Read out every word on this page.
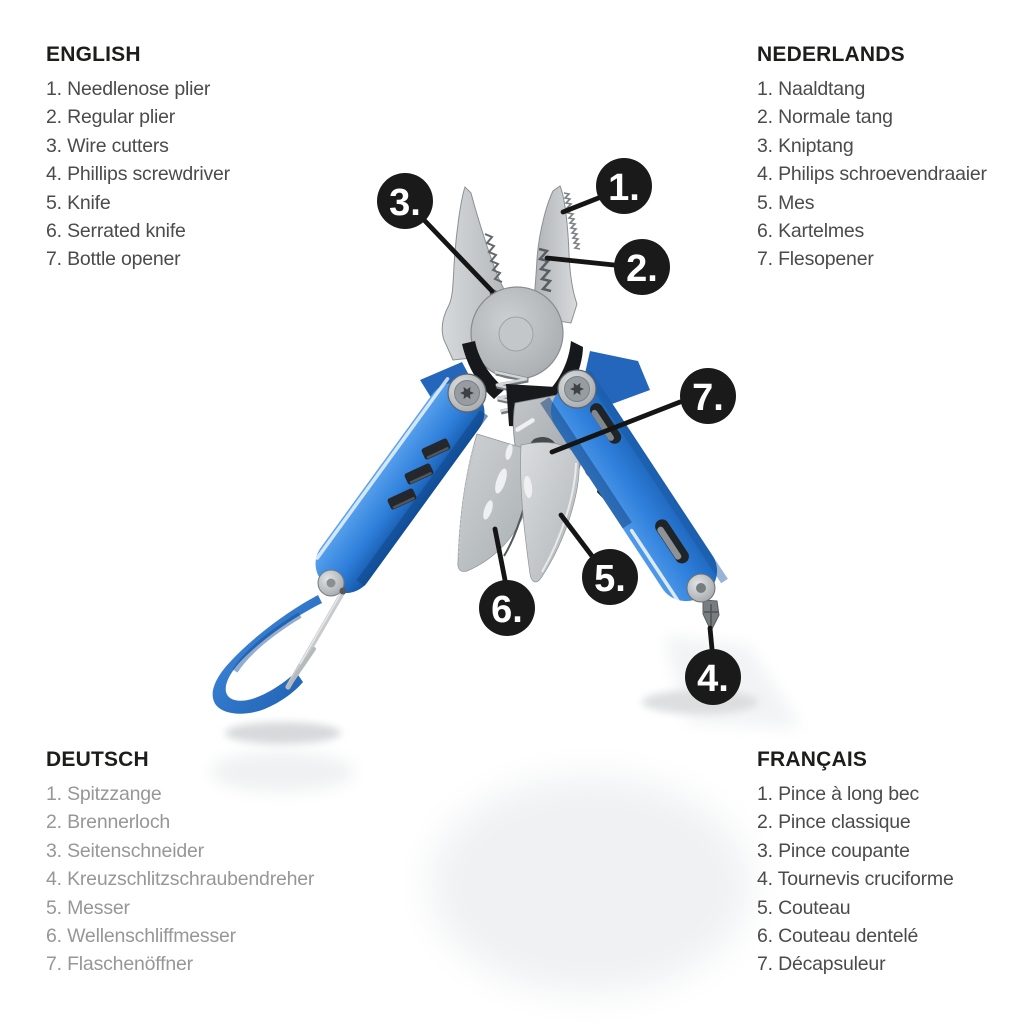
1.
2.
3.
4.
5.
6.
7.
ENGLISH
1. Needlenose plier
2. Regular plier
3. Wire cutters
4. Phillips screwdriver
5. Knife
6. Serrated knife
7. Bottle opener
NEDERLANDS
1. Naaldtang
2. Normale tang
3. Kniptang
4. Philips schroevendraaier
5. Mes
6. Kartelmes
7. Flesopener
DEUTSCH
1. Spitzzange
2. Brennerloch
3. Seitenschneider
4. Kreuzschlitzschraubendreher
5. Messer
6. Wellenschliffmesser
7. Flaschenöffner
FRANÇAIS
1. Pince à long bec
2. Pince classique
3. Pince coupante
4. Tournevis cruciforme
5. Couteau
6. Couteau dentelé
7. Décapsuleur
